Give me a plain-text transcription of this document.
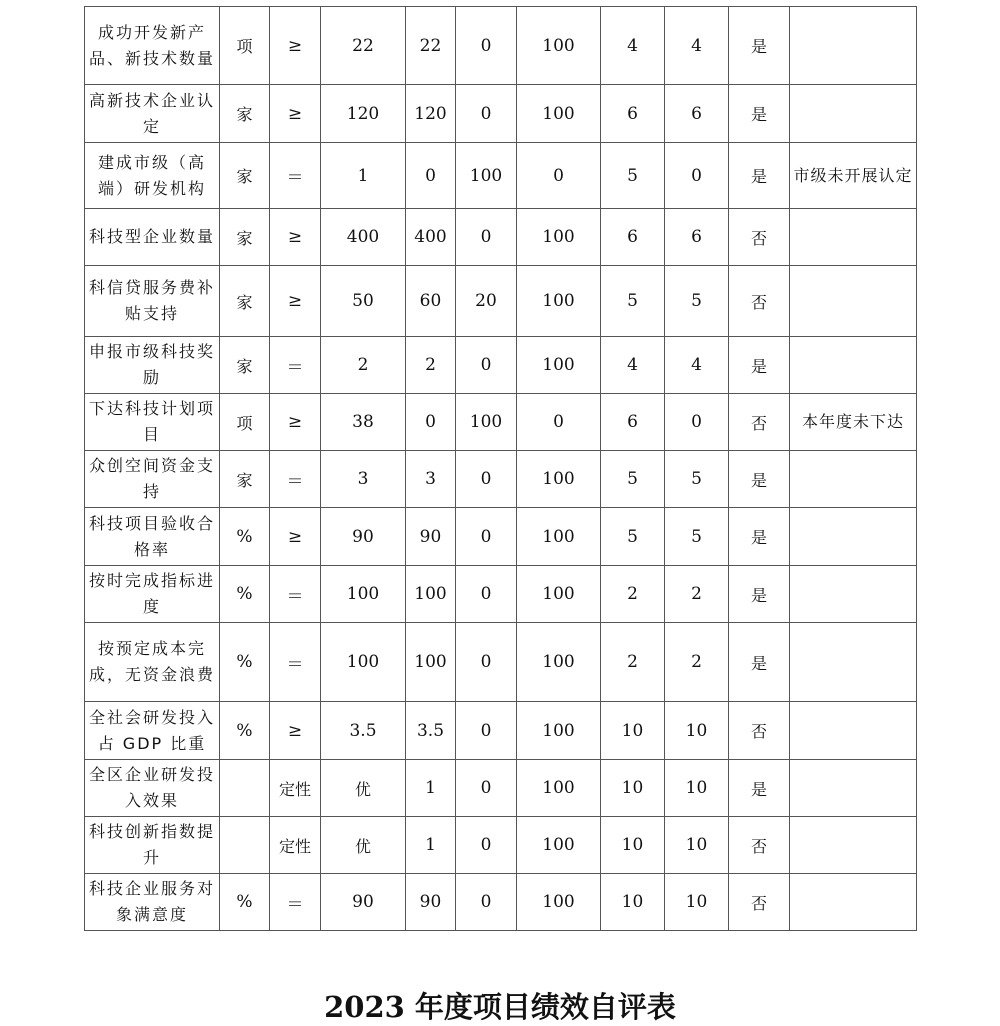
成功开发新产品、新技术数量	项	≥	22	22	0	100	4	4	是	
高新技术企业认定	家	≥	120	120	0	100	6	6	是	
建成市级（高端）研发机构	家	＝	1	0	100	0	5	0	是	市级未开展认定
科技型企业数量	家	≥	400	400	0	100	6	6	否	
科信贷服务费补贴支持	家	≥	50	60	20	100	5	5	否	
申报市级科技奖励	家	＝	2	2	0	100	4	4	是	
下达科技计划项目	项	≥	38	0	100	0	6	0	否	本年度未下达
众创空间资金支持	家	＝	3	3	0	100	5	5	是	
科技项目验收合格率	%	≥	90	90	0	100	5	5	是	
按时完成指标进度	%	＝	100	100	0	100	2	2	是	
按预定成本完成，无资金浪费	%	＝	100	100	0	100	2	2	是	
全社会研发投入占 GDP 比重	%	≥	3.5	3.5	0	100	10	10	否	
全区企业研发投入效果		定性	优	1	0	100	10	10	是	
科技创新指数提升		定性	优	1	0	100	10	10	否	
科技企业服务对象满意度	%	＝	90	90	0	100	10	10	否	
2023 年度项目绩效自评表
